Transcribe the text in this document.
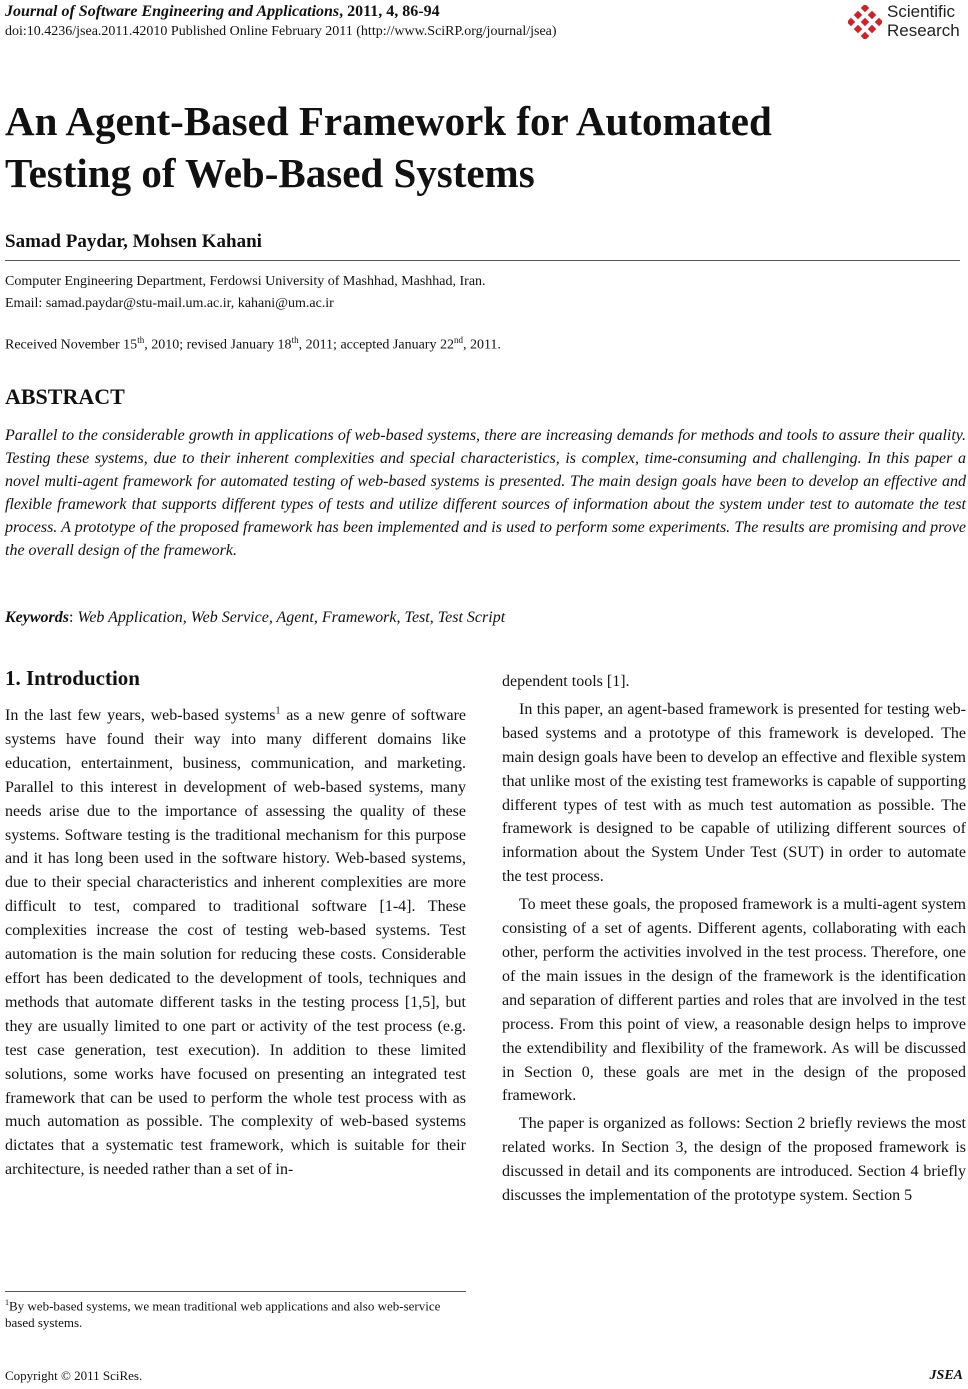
Journal of Software Engineering and Applications, 2011, 4, 86-94
doi:10.4236/jsea.2011.42010 Published Online February 2011 (http://www.SciRP.org/journal/jsea)
Scientific
Research
An Agent-Based Framework for Automated
Testing of Web-Based Systems
Samad Paydar, Mohsen Kahani
Computer Engineering Department, Ferdowsi University of Mashhad, Mashhad, Iran.
Email: samad.paydar@stu-mail.um.ac.ir, kahani@um.ac.ir
Received November 15th, 2010; revised January 18th, 2011; accepted January 22nd, 2011.
ABSTRACT
Parallel to the considerable growth in applications of web-based systems, there are increasing demands for methods and tools to assure their quality. Testing these systems, due to their inherent complexities and special characteristics, is complex, time-consuming and challenging. In this paper a novel multi-agent framework for automated testing of web-based systems is presented. The main design goals have been to develop an effective and flexible framework that supports different types of tests and utilize different sources of information about the system under test to automate the test process. A prototype of the proposed framework has been implemented and is used to perform some experiments. The results are promising and prove the overall design of the framework.
Keywords: Web Application, Web Service, Agent, Framework, Test, Test Script
1. Introduction

In the last few years, web-based systems$^1$ as a new genre of software systems have found their way into many different domains like education, entertainment, business, communication, and marketing. Parallel to this interest in development of web-based systems, many needs arise due to the importance of assessing the quality of these systems. Software testing is the traditional mechanism for this purpose and it has long been used in the software history. Web-based systems, due to their special characteristics and inherent complexities are more difficult to test, compared to traditional software [1-4]. These complexities increase the cost of testing web-based systems. Test automation is the main solution for reducing these costs. Considerable effort has been dedicated to the development of tools, techniques and methods that automate different tasks in the testing process [1,5], but they are usually limited to one part or activity of the test process (e.g. test case generation, test execution). In addition to these limited solutions, some works have focused on presenting an integrated test framework that can be used to perform the whole test process with as much automation as possible. The complexity of web-based systems dictates that a systematic test framework, which is suitable for their architecture, is needed rather than a set of in-

dependent tools [1].

In this paper, an agent-based framework is presented for testing web-based systems and a prototype of this framework is developed. The main design goals have been to develop an effective and flexible system that unlike most of the existing test frameworks is capable of supporting different types of test with as much test automation as possible. The framework is designed to be capable of utilizing different sources of information about the System Under Test (SUT) in order to automate the test process.

To meet these goals, the proposed framework is a multi-agent system consisting of a set of agents. Different agents, collaborating with each other, perform the activities involved in the test process. Therefore, one of the main issues in the design of the framework is the identification and separation of different parties and roles that are involved in the test process. From this point of view, a reasonable design helps to improve the extendibility and flexibility of the framework. As will be discussed in Section 0, these goals are met in the design of the proposed framework.

The paper is organized as follows: Section 2 briefly reviews the most related works. In Section 3, the design of the proposed framework is discussed in detail and its components are introduced. Section 4 briefly discusses the implementation of the prototype system. Section 5

$^1$By web-based systems, we mean traditional web applications and also web-service based systems.
Copyright © 2011 SciRes.	JSEA
